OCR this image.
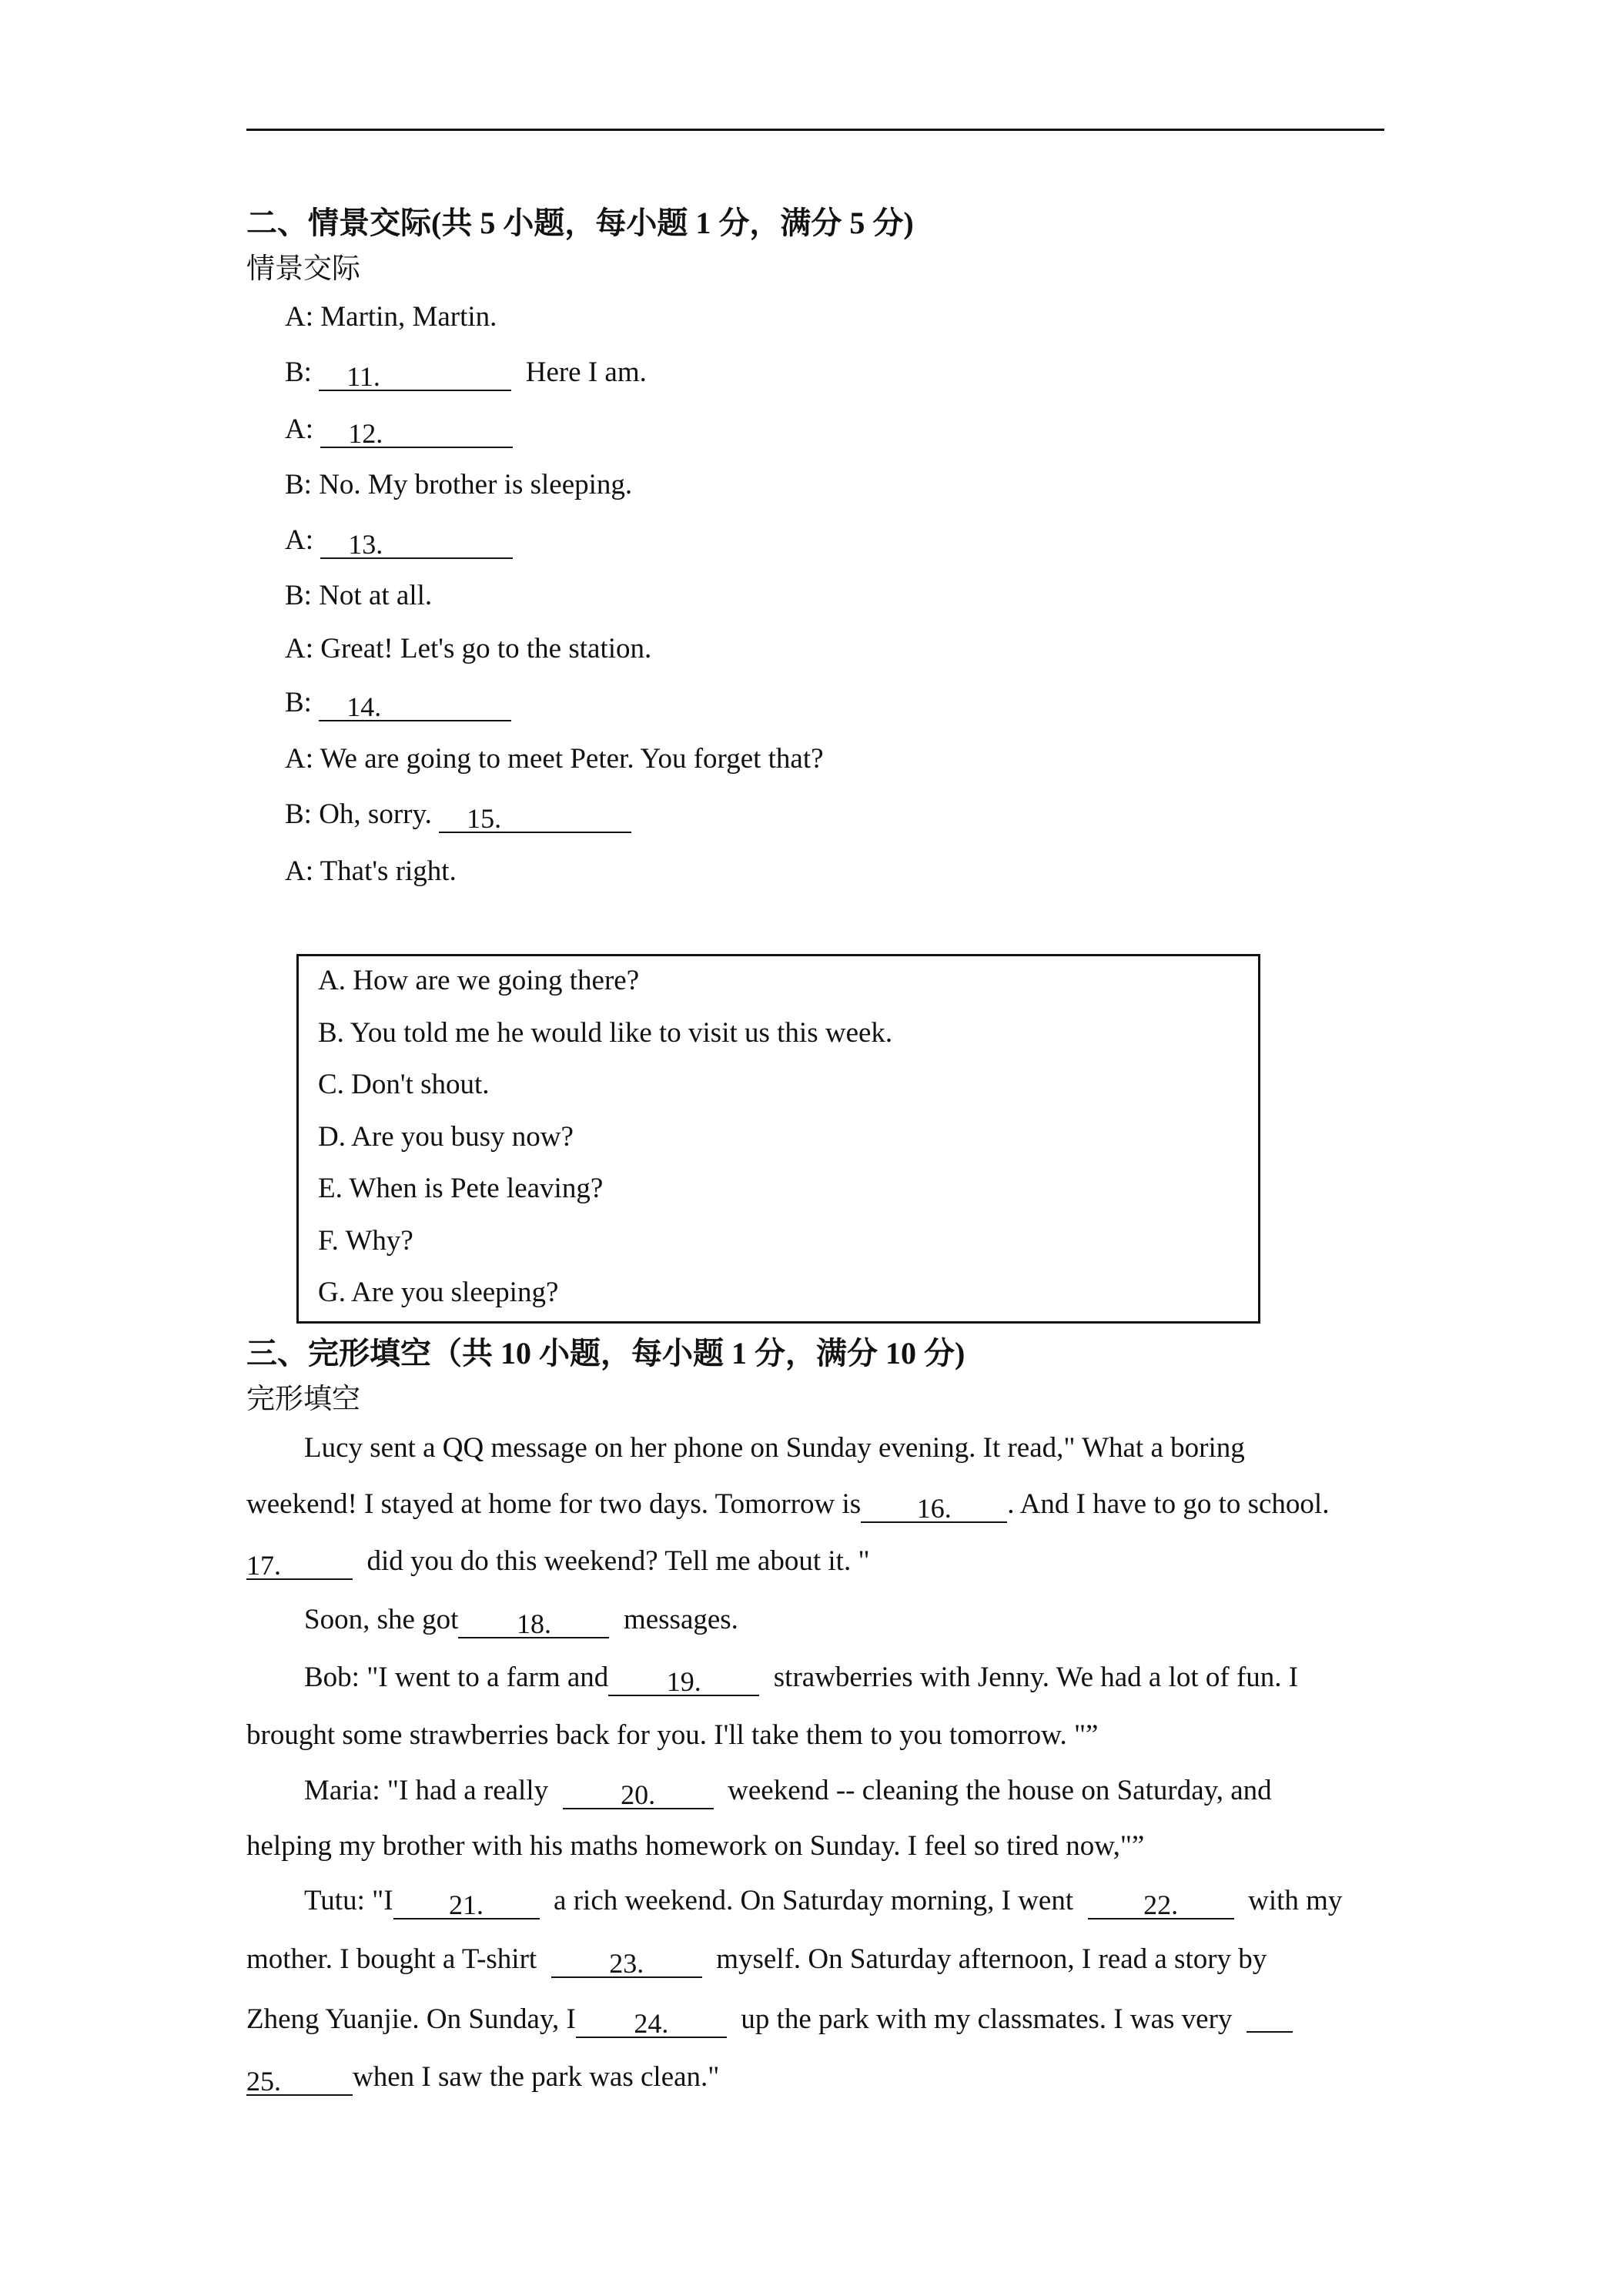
二、情景交际(共 5 小题，每小题 1 分，满分 5 分)
情景交际
A: Martin, Martin.
B: 11.	Here I am.
A: 12.
B: No. My brother is sleeping.
A: 13.
B: Not at all.
A: Great! Let's go to the station.
B: 14.
A: We are going to meet Peter. You forget that?
B: Oh, sorry. 15.
A: That's right.
A. How are we going there?
B. You told me he would like to visit us this week.
C. Don't shout.
D. Are you busy now?
E. When is Pete leaving?
F. Why?
G. Are you sleeping?
三、完形填空（共 10 小题，每小题 1 分，满分 10 分)
完形填空
Lucy sent a QQ message on her phone on Sunday evening. It read," What a boring
weekend! I stayed at home for two days. Tomorrow is 16. . And I have to go to school.
17.	did you do this weekend? Tell me about it. "
Soon, she got 18.	messages.
Bob: "I went to a farm and 19.	strawberries with Jenny. We had a lot of fun. I
brought some strawberries back for you. I'll take them to you tomorrow. "”
Maria: "I had a really	20.	weekend -- cleaning the house on Saturday, and
helping my brother with his maths homework on Sunday. I feel so tired now,"”
Tutu: "I 21. a rich weekend. On Saturday morning, I went	22. with my
mother. I bought a T-shirt	23.	myself. On Saturday afternoon, I read a story by
Zheng Yuanjie. On Sunday, I 24.	up the park with my classmates. I was very
25.	when I saw the park was clean."
